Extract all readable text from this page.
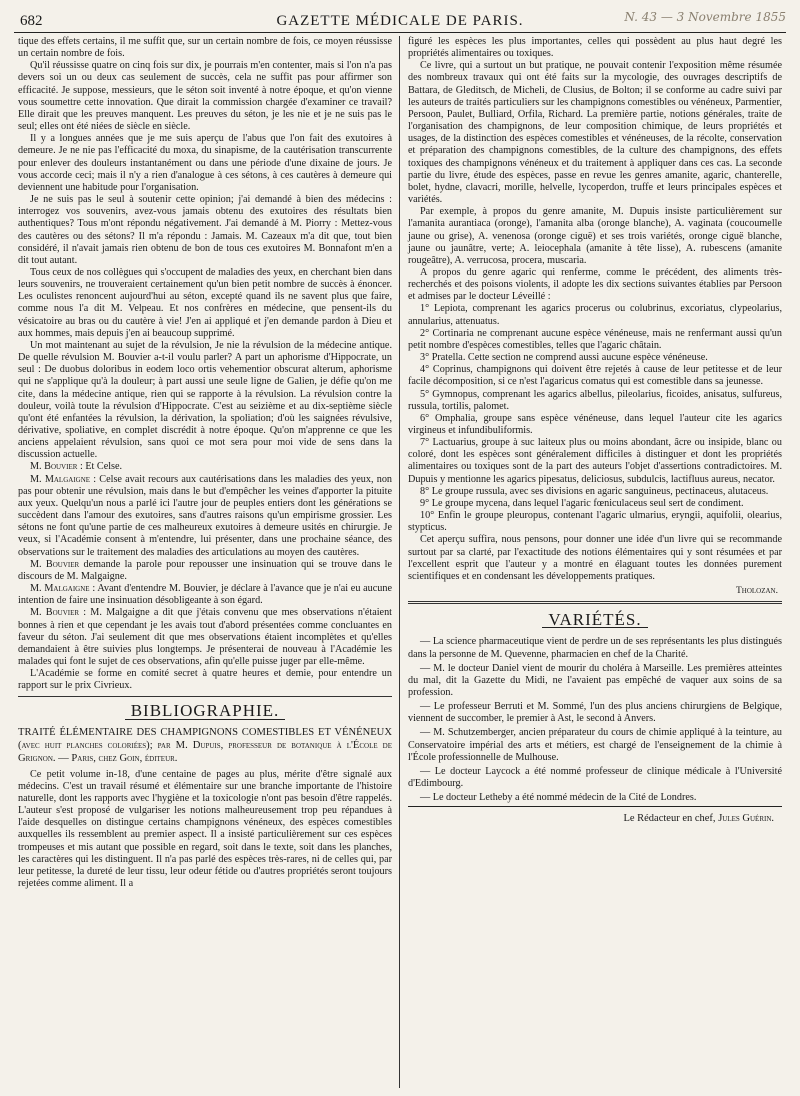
682	GAZETTE MÉDICALE DE PARIS.	N. 43 — 3 Novembre 1855

tique des effets certains, il me suffit que, sur un certain nombre de fois, ce moyen réussisse un certain nombre de fois.

Qu'il réussisse quatre on cinq fois sur dix, je pourrais m'en contenter, mais si l'on n'a pas devers soi un ou deux cas seulement de succès, cela ne suffit pas pour affirmer son efficacité. Je suppose, messieurs, que le séton soit inventé à notre époque, et qu'on vienne vous soumettre cette innovation. Que dirait la commission chargée d'examiner ce travail? Elle dirait que les preuves manquent. Les preuves du séton, je les nie et je ne suis pas le seul; elles ont été niées de siècle en siècle.

Il y a longues années que je me suis aperçu de l'abus que l'on fait des exutoires à demeure. Je ne nie pas l'efficacité du moxa, du sinapisme, de la cautérisation transcurrente pour enlever des douleurs instantanément ou dans une période d'une dixaine de jours. Je vous accorde ceci; mais il n'y a rien d'analogue à ces sétons, à ces cautères à demeure qui deviennent une habitude pour l'organisation.

Je ne suis pas le seul à soutenir cette opinion; j'ai demandé à bien des médecins : interrogez vos souvenirs, avez-vous jamais obtenu des exutoires des résultats bien authentiques? Tous m'ont répondu négativement. J'ai demandé à M. Piorry : Mettez-vous des cautères ou des sétons? Il m'a répondu : Jamais. M. Cazeaux m'a dit que, tout bien considéré, il n'avait jamais rien obtenu de bon de tous ces exutoires M. Bonnafont m'en a dit tout autant.

Tous ceux de nos collègues qui s'occupent de maladies des yeux, en cherchant bien dans leurs souvenirs, ne trouveraient certainement qu'un bien petit nombre de succès à énoncer. Les oculistes renoncent aujourd'hui au séton, excepté quand ils ne savent plus que faire, comme nous l'a dit M. Velpeau. Et nos confrères en médecine, que pensent-ils du vésicatoire au bras ou du cautère à vie! J'en ai appliqué et j'en demande pardon à Dieu et aux hommes, mais depuis j'en ai beaucoup supprimé.

Un mot maintenant au sujet de la révulsion, Je nie la révulsion de la médecine antique. De quelle révulsion M. Bouvier a-t-il voulu parler? A part un aphorisme d'Hippocrate, un seul : De duobus doloribus in eodem loco ortis vehementior obscurat alterum, aphorisme qui ne s'applique qu'à la douleur; à part aussi une seule ligne de Galien, je défie qu'on me cite, dans la médecine antique, rien qui se rapporte à la révulsion. La révulsion contre la douleur, voilà toute la révulsion d'Hippocrate. C'est au seizième et au dix-septième siècle qu'ont été enfantées la révulsion, la dérivation, la spoliation; d'où les saignées révulsive, dérivative, spoliative, en complet discrédit à notre époque. Qu'on m'apprenne ce que les anciens appelaient révulsion, sans quoi ce mot sera pour moi vide de sens dans la discussion actuelle.

M. Bouvier : Et Celse.

M. Malgaigne : Celse avait recours aux cautérisations dans les maladies des yeux, non pas pour obtenir une révulsion, mais dans le but d'empêcher les veines d'apporter la pituite aux yeux. Quelqu'un nous a parlé ici l'autre jour de peuples entiers dont les générations se succèdent dans l'amour des exutoires, sans d'autres raisons qu'un empirisme grossier. Les sétons ne font qu'une partie de ces malheureux exutoires à demeure usités en chirurgie. Je veux, si l'Académie consent à m'entendre, lui présenter, dans une prochaine séance, des observations sur le traitement des maladies des articulations au moyen des cautères.

M. Bouvier demande la parole pour repousser une insinuation qui se trouve dans le discours de M. Malgaigne.

M. Malgaigne : Avant d'entendre M. Bouvier, je déclare à l'avance que je n'ai eu aucune intention de faire une insinuation désobligeante à son égard.

M. Bouvier : M. Malgaigne a dit que j'étais convenu que mes observations n'étaient bonnes à rien et que cependant je les avais tout d'abord présentées comme concluantes en faveur du séton. J'ai seulement dit que mes observations étaient incomplètes et qu'elles demandaient à être suivies plus longtemps. Je présenterai de nouveau à l'Académie les malades qui font le sujet de ces observations, afin qu'elle puisse juger par elle-même.

L'Académie se forme en comité secret à quatre heures et demie, pour entendre un rapport sur le prix Civrieux.

BIBLIOGRAPHIE.

TRAITÉ ÉLÉMENTAIRE DES CHAMPIGNONS COMESTIBLES ET VÉNÉNEUX (avec huit planches coloriées); par M. Dupuis, professeur de botanique à l'École de Grignon. — Paris, chez Goin, éditeur.

Ce petit volume in-18, d'une centaine de pages au plus, mérite d'être signalé aux médecins. C'est un travail résumé et élémentaire sur une branche importante de l'histoire naturelle, dont les rapports avec l'hygiène et la toxicologie n'ont pas besoin d'être rappelés. L'auteur s'est proposé de vulgariser les notions malheureusement trop peu répandues à l'aide desquelles on distingue certains champignons vénéneux, des espèces comestibles auxquelles ils ressemblent au premier aspect. Il a insisté particulièrement sur ces espèces trompeuses et mis autant que possible en regard, soit dans le texte, soit dans les planches, les caractères qui les distinguent. Il n'a pas parlé des espèces très-rares, ni de celles qui, par leur petitesse, la dureté de leur tissu, leur odeur fétide ou d'autres propriétés seront toujours rejetées comme aliment. Il a

figuré les espèces les plus importantes, celles qui possèdent au plus haut degré les propriétés alimentaires ou toxiques.

Ce livre, qui a surtout un but pratique, ne pouvait contenir l'exposition même résumée des nombreux travaux qui ont été faits sur la mycologie, des ouvrages descriptifs de Battara, de Gleditsch, de Micheli, de Clusius, de Bolton; il se conforme au cadre suivi par les auteurs de traités particuliers sur les champignons comestibles ou vénéneux, Parmentier, Persoon, Paulet, Bulliard, Orfila, Richard. La première partie, notions générales, traite de l'organisation des champignons, de leur composition chimique, de leurs propriétés et usages, de la distinction des espèces comestibles et vénéneuses, de la récolte, conservation et préparation des champignons comestibles, de la culture des champignons, des effets toxiques des champignons vénéneux et du traitement à appliquer dans ces cas. La seconde partie du livre, étude des espèces, passe en revue les genres amanite, agaric, chanterelle, bolet, hydne, clavacri, morille, helvelle, lycoperdon, truffe et leurs principales espèces et variétés.

Par exemple, à propos du genre amanite, M. Dupuis insiste particulièrement sur l'amanita aurantiaca (oronge), l'amanita alba (oronge blanche), A. vaginata (coucoumelle jaune ou grise), A. venenosa (oronge ciguë) et ses trois variétés, oronge ciguë blanche, jaune ou jaunâtre, verte; A. leiocephala (amanite à tête lisse), A. rubescens (amanite rougeâtre), A. verrucosa, procera, muscaria.

A propos du genre agaric qui renferme, comme le précédent, des aliments très-recherchés et des poisons violents, il adopte les dix sections suivantes établies par Persoon et admises par le docteur Léveillé :

1° Lepiota, comprenant les agarics procerus ou colubrinus, excoriatus, clypeolarius, annularius, attenuatus.

2° Cortinaria ne comprenant aucune espèce vénéneuse, mais ne renfermant aussi qu'un petit nombre d'espèces comestibles, telles que l'agaric châtain.

3° Pratella. Cette section ne comprend aussi aucune espèce vénéneuse.

4° Coprinus, champignons qui doivent être rejetés à cause de leur petitesse et de leur facile décomposition, si ce n'est l'agaricus comatus qui est comestible dans sa jeunesse.

5° Gymnopus, comprenant les agarics albellus, pileolarius, ficoides, anisatus, sulfureus, russula, tortilis, palomet.

6° Omphalia, groupe sans espèce vénéneuse, dans lequel l'auteur cite les agarics virgineus et infundibuliformis.

7° Lactuarius, groupe à suc laiteux plus ou moins abondant, âcre ou insipide, blanc ou coloré, dont les espèces sont généralement difficiles à distinguer et dont les propriétés alimentaires ou toxiques sont de la part des auteurs l'objet d'assertions contradictoires. M. Dupuis y mentionne les agarics pipesatus, deliciosus, subdulcis, lactifluus aureus, necator.

8° Le groupe russula, avec ses divisions en agaric sanguineus, pectinaceus, alutaceus.

9° Le groupe mycena, dans lequel l'agaric fœniculaceus seul sert de condiment.

10° Enfin le groupe pleuropus, contenant l'agaric ulmarius, eryngii, aquifolii, olearius, stypticus.

Cet aperçu suffira, nous pensons, pour donner une idée d'un livre qui se recommande surtout par sa clarté, par l'exactitude des notions élémentaires qui y sont résumées et par l'excellent esprit que l'auteur y a montré en élaguant toutes les données purement scientifiques et en condensant les développements pratiques.

Tholozan.
VARIÉTÉS.

— La science pharmaceutique vient de perdre un de ses représentants les plus distingués dans la personne de M. Quevenne, pharmacien en chef de la Charité.

— M. le docteur Daniel vient de mourir du choléra à Marseille. Les premières atteintes du mal, dit la Gazette du Midi, ne l'avaient pas empêché de vaquer aux soins de sa profession.

— Le professeur Berruti et M. Sommé, l'un des plus anciens chirurgiens de Belgique, viennent de succomber, le premier à Ast, le second à Anvers.

— M. Schutzemberger, ancien préparateur du cours de chimie appliqué à la teinture, au Conservatoire impérial des arts et métiers, est chargé de l'enseignement de la chimie à l'École professionnelle de Mulhouse.

— Le docteur Laycock a été nommé professeur de clinique médicale à l'Université d'Edimbourg.

— Le docteur Letheby a été nommé médecin de la Cité de Londres.

Le Rédacteur en chef, Jules Guérin.
